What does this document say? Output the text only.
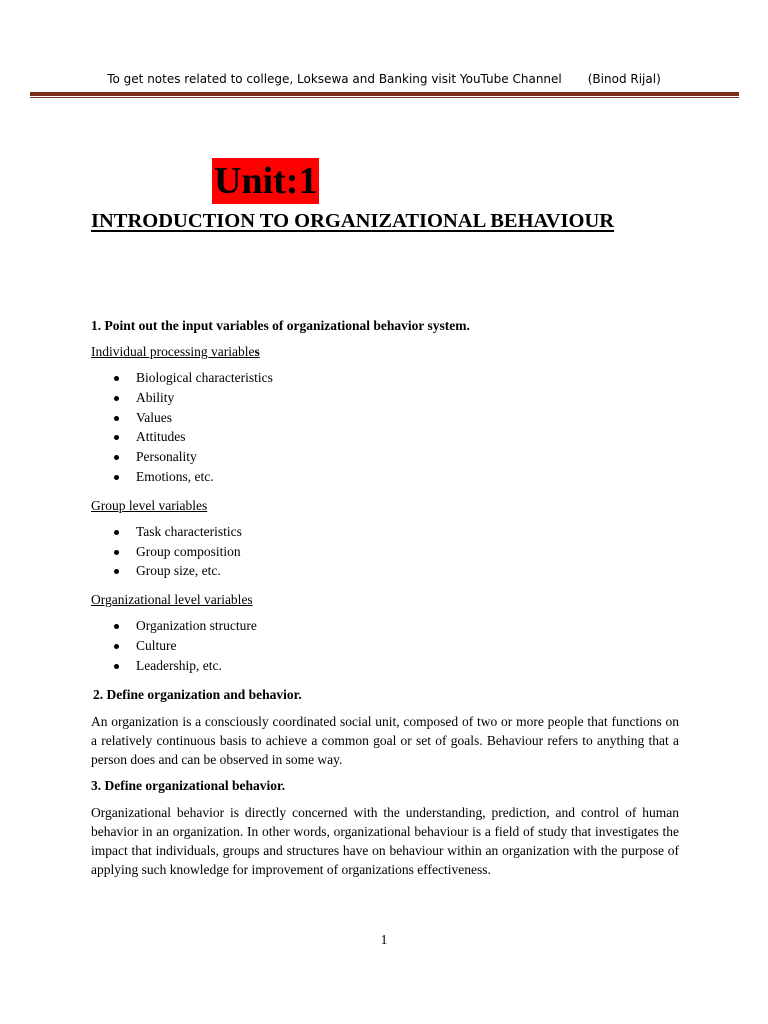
To get notes related to college, Loksewa and Banking visit YouTube Channel (Binod Rijal)
Unit:1
INTRODUCTION TO ORGANIZATIONAL BEHAVIOUR
1. Point out the input variables of organizational behavior system.
Individual processing variables
Biological characteristics
Ability
Values
Attitudes
Personality
Emotions, etc.
Group level variables
Task characteristics
Group composition
Group size, etc.
Organizational level variables
Organization structure
Culture
Leadership, etc.
2. Define organization and behavior.

An organization is a consciously coordinated social unit, composed of two or more people that functions on a relatively continuous basis to achieve a common goal or set of goals. Behaviour refers to anything that a person does and can be observed in some way.

3. Define organizational behavior.

Organizational behavior is directly concerned with the understanding, prediction, and control of human behavior in an organization. In other words, organizational behaviour is a field of study that investigates the impact that individuals, groups and structures have on behaviour within an organization with the purpose of applying such knowledge for improvement of organizations effectiveness.

1
